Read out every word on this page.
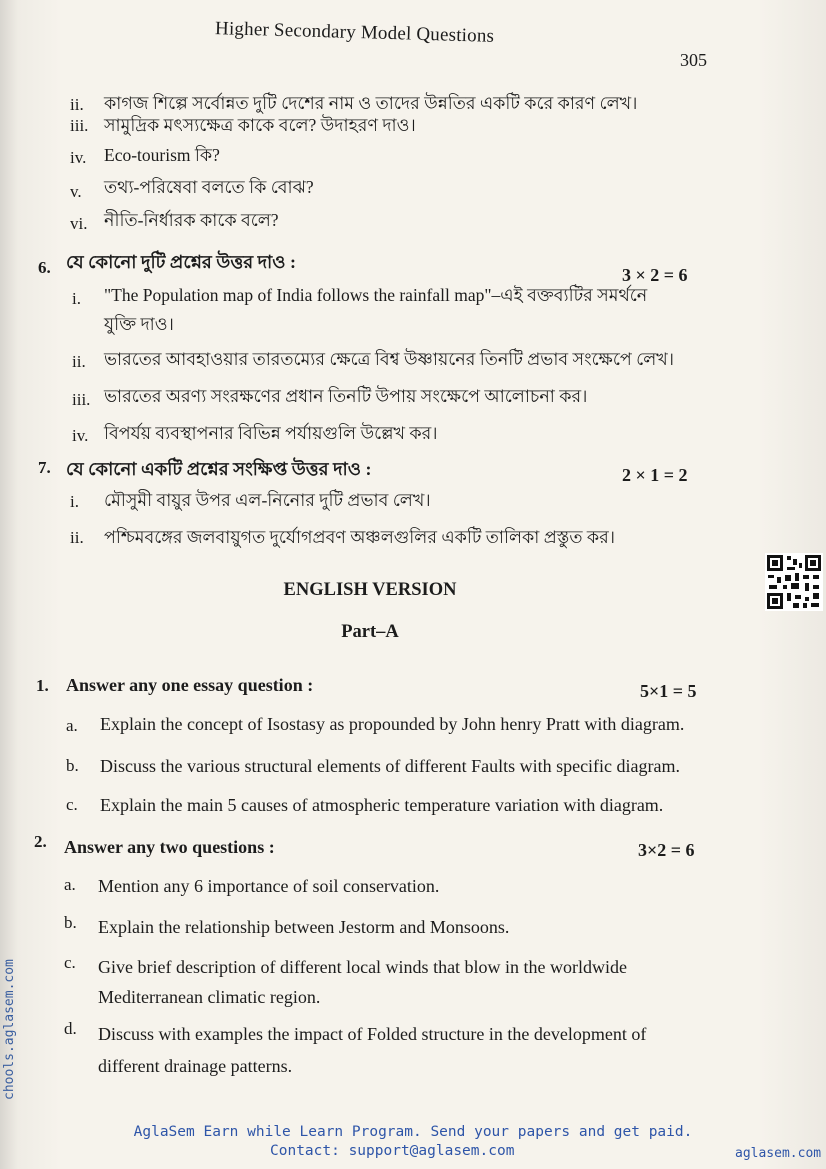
Higher Secondary Model Questions
305
ii. কাগজ শিল্পে সর্বোন্নত দুটি দেশের নাম ও তাদের উন্নতির একটি করে কারণ লেখ।
iii. সামুদ্রিক মৎস্যক্ষেত্র কাকে বলে? উদাহরণ দাও।
iv. Eco-tourism কি?
v. তথ্য-পরিষেবা বলতে কি বোঝ?
vi. নীতি-নির্ধারক কাকে বলে?
6. যে কোনো দুটি প্রশ্নের উত্তর দাও :
3 × 2 = 6
i. "The Population map of India follows the rainfall map"–এই বক্তব্যটির সমর্থনে
যুক্তি দাও।
ii. ভারতের আবহাওয়ার তারতম্যের ক্ষেত্রে বিশ্ব উষ্ণায়নের তিনটি প্রভাব সংক্ষেপে লেখ।
iii. ভারতের অরণ্য সংরক্ষণের প্রধান তিনটি উপায় সংক্ষেপে আলোচনা কর।
iv. বিপর্যয় ব্যবস্থাপনার বিভিন্ন পর্যায়গুলি উল্লেখ কর।
7. যে কোনো একটি প্রশ্নের সংক্ষিপ্ত উত্তর দাও :	2 × 1 = 2
i. মৌসুমী বায়ুর উপর এল-নিনোর দুটি প্রভাব লেখ।
ii. পশ্চিমবঙ্গের জলবায়ুগত দুর্যোগপ্রবণ অঞ্চলগুলির একটি তালিকা প্রস্তুত কর।
ENGLISH VERSION
Part–A
1. Answer any one essay question :	5×1 = 5
a. Explain the concept of Isostasy as propounded by John henry Pratt with diagram.
b. Discuss the various structural elements of different Faults with specific diagram.
c. Explain the main 5 causes of atmospheric temperature variation with diagram.
2. Answer any two questions :	3×2 = 6
a. Mention any 6 importance of soil conservation.
b. Explain the relationship between Jestorm and Monsoons.
c. Give brief description of different local winds that blow in the worldwide
Mediterranean climatic region.
d. Discuss with examples the impact of Folded structure in the development of
different drainage patterns.
chools.aglasem.com
AglaSem Earn while Learn Program. Send your papers and get paid.
Contact: support@aglasem.com	aglasem.com
